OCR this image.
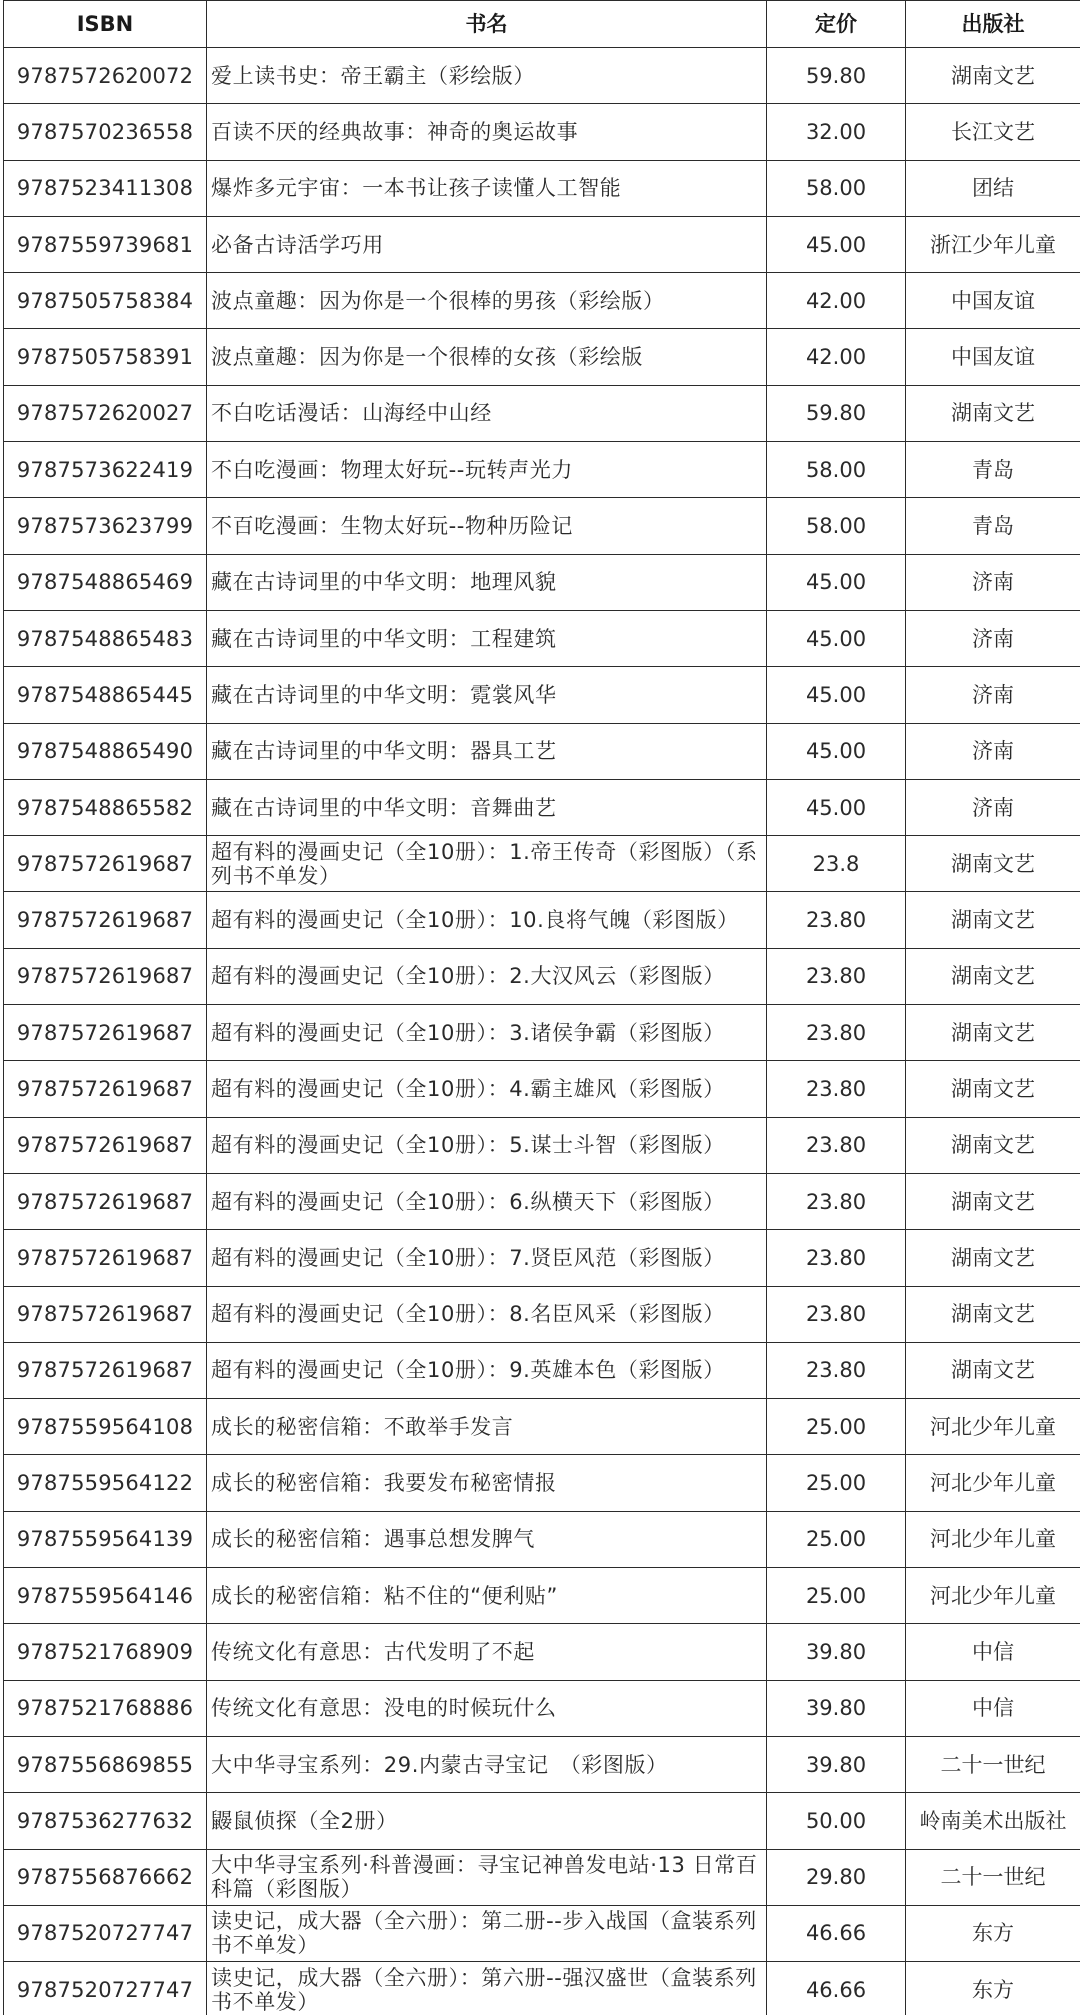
ISBN	书名	定价	出版社
9787572620072	爱上读书史：帝王霸主（彩绘版）	59.80	湖南文艺
9787570236558	百读不厌的经典故事：神奇的奥运故事	32.00	长江文艺
9787523411308	爆炸多元宇宙：一本书让孩子读懂人工智能	58.00	团结
9787559739681	必备古诗活学巧用	45.00	浙江少年儿童
9787505758384	波点童趣：因为你是一个很棒的男孩（彩绘版）	42.00	中国友谊
9787505758391	波点童趣：因为你是一个很棒的女孩（彩绘版	42.00	中国友谊
9787572620027	不白吃话漫话：山海经中山经	59.80	湖南文艺
9787573622419	不白吃漫画：物理太好玩--玩转声光力	58.00	青岛
9787573623799	不百吃漫画：生物太好玩--物种历险记	58.00	青岛
9787548865469	藏在古诗词里的中华文明：地理风貌	45.00	济南
9787548865483	藏在古诗词里的中华文明：工程建筑	45.00	济南
9787548865445	藏在古诗词里的中华文明：霓裳风华	45.00	济南
9787548865490	藏在古诗词里的中华文明：器具工艺	45.00	济南
9787548865582	藏在古诗词里的中华文明：音舞曲艺	45.00	济南
9787572619687	超有料的漫画史记（全10册）：1.帝王传奇（彩图版）（系列书不单发）	23.8	湖南文艺
9787572619687	超有料的漫画史记（全10册）：10.良将气魄（彩图版）	23.80	湖南文艺
9787572619687	超有料的漫画史记（全10册）：2.大汉风云（彩图版）	23.80	湖南文艺
9787572619687	超有料的漫画史记（全10册）：3.诸侯争霸（彩图版）	23.80	湖南文艺
9787572619687	超有料的漫画史记（全10册）：4.霸主雄风（彩图版）	23.80	湖南文艺
9787572619687	超有料的漫画史记（全10册）：5.谋士斗智（彩图版）	23.80	湖南文艺
9787572619687	超有料的漫画史记（全10册）：6.纵横天下（彩图版）	23.80	湖南文艺
9787572619687	超有料的漫画史记（全10册）：7.贤臣风范（彩图版）	23.80	湖南文艺
9787572619687	超有料的漫画史记（全10册）：8.名臣风采（彩图版）	23.80	湖南文艺
9787572619687	超有料的漫画史记（全10册）：9.英雄本色（彩图版）	23.80	湖南文艺
9787559564108	成长的秘密信箱：不敢举手发言	25.00	河北少年儿童
9787559564122	成长的秘密信箱：我要发布秘密情报	25.00	河北少年儿童
9787559564139	成长的秘密信箱：遇事总想发脾气	25.00	河北少年儿童
9787559564146	成长的秘密信箱：粘不住的“便利贴”	25.00	河北少年儿童
9787521768909	传统文化有意思：古代发明了不起	39.80	中信
9787521768886	传统文化有意思：没电的时候玩什么	39.80	中信
9787556869855	大中华寻宝系列：29.内蒙古寻宝记　（彩图版）	39.80	二十一世纪
9787536277632	鼹鼠侦探（全2册）	50.00	岭南美术出版社
9787556876662	大中华寻宝系列·科普漫画：寻宝记神兽发电站·13 日常百科篇（彩图版）	29.80	二十一世纪
9787520727747	读史记，成大器（全六册）：第二册--步入战国（盒装系列书不单发）	46.66	东方
9787520727747	读史记，成大器（全六册）：第六册--强汉盛世（盒装系列书不单发）	46.66	东方
